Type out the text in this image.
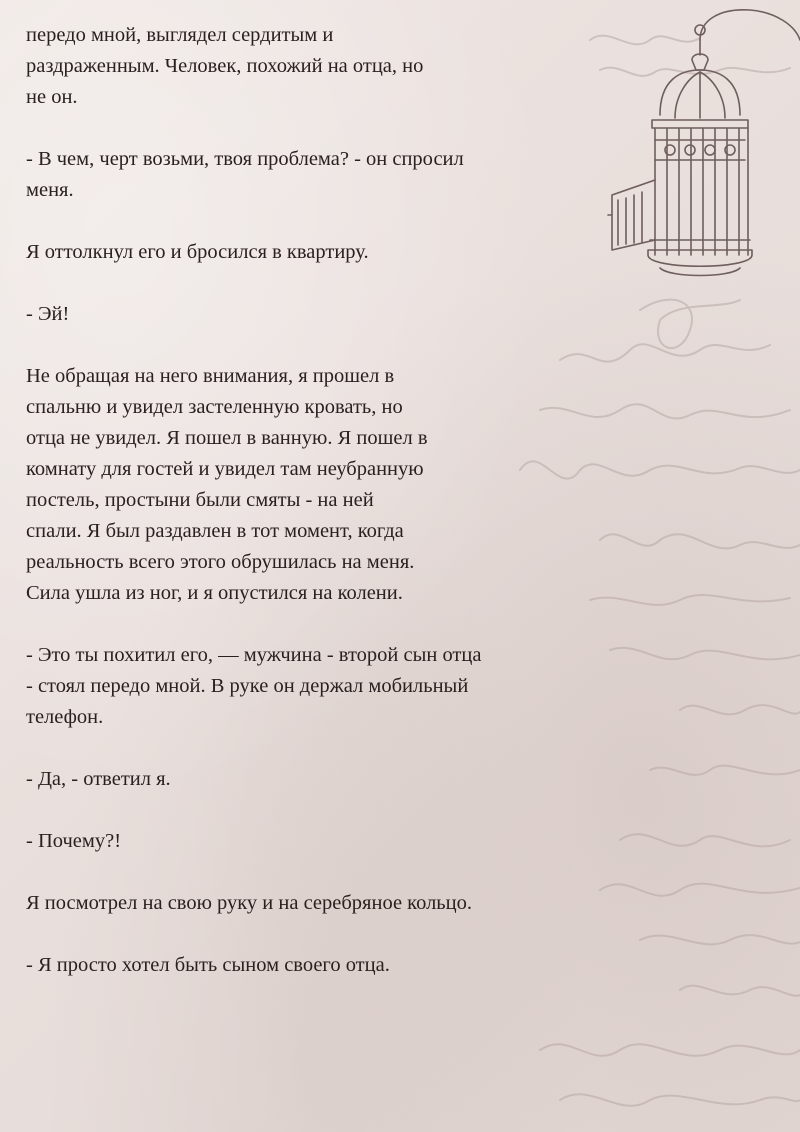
передо мной, выглядел сердитым и
раздраженным. Человек, похожий на отца, но
не он.

- В чем, черт возьми, твоя проблема? - он спросил
меня.

Я оттолкнул его и бросился в квартиру.

- Эй!

Не обращая на него внимания, я прошел в
спальню и увидел застеленную кровать, но
отца не увидел. Я пошел в ванную. Я пошел в
комнату для гостей и увидел там неубранную
постель, простыни были смяты - на ней
спали. Я был раздавлен в тот момент, когда
реальность всего этого обрушилась на меня.
Сила ушла из ног, и я опустился на колени.

- Это ты похитил его, — мужчина - второй сын отца
- стоял передо мной. В руке он держал мобильный
телефон.

- Да, - ответил я.

- Почему?!

Я посмотрел на свою руку и на серебряное кольцо.

- Я просто хотел быть сыном своего отца.
